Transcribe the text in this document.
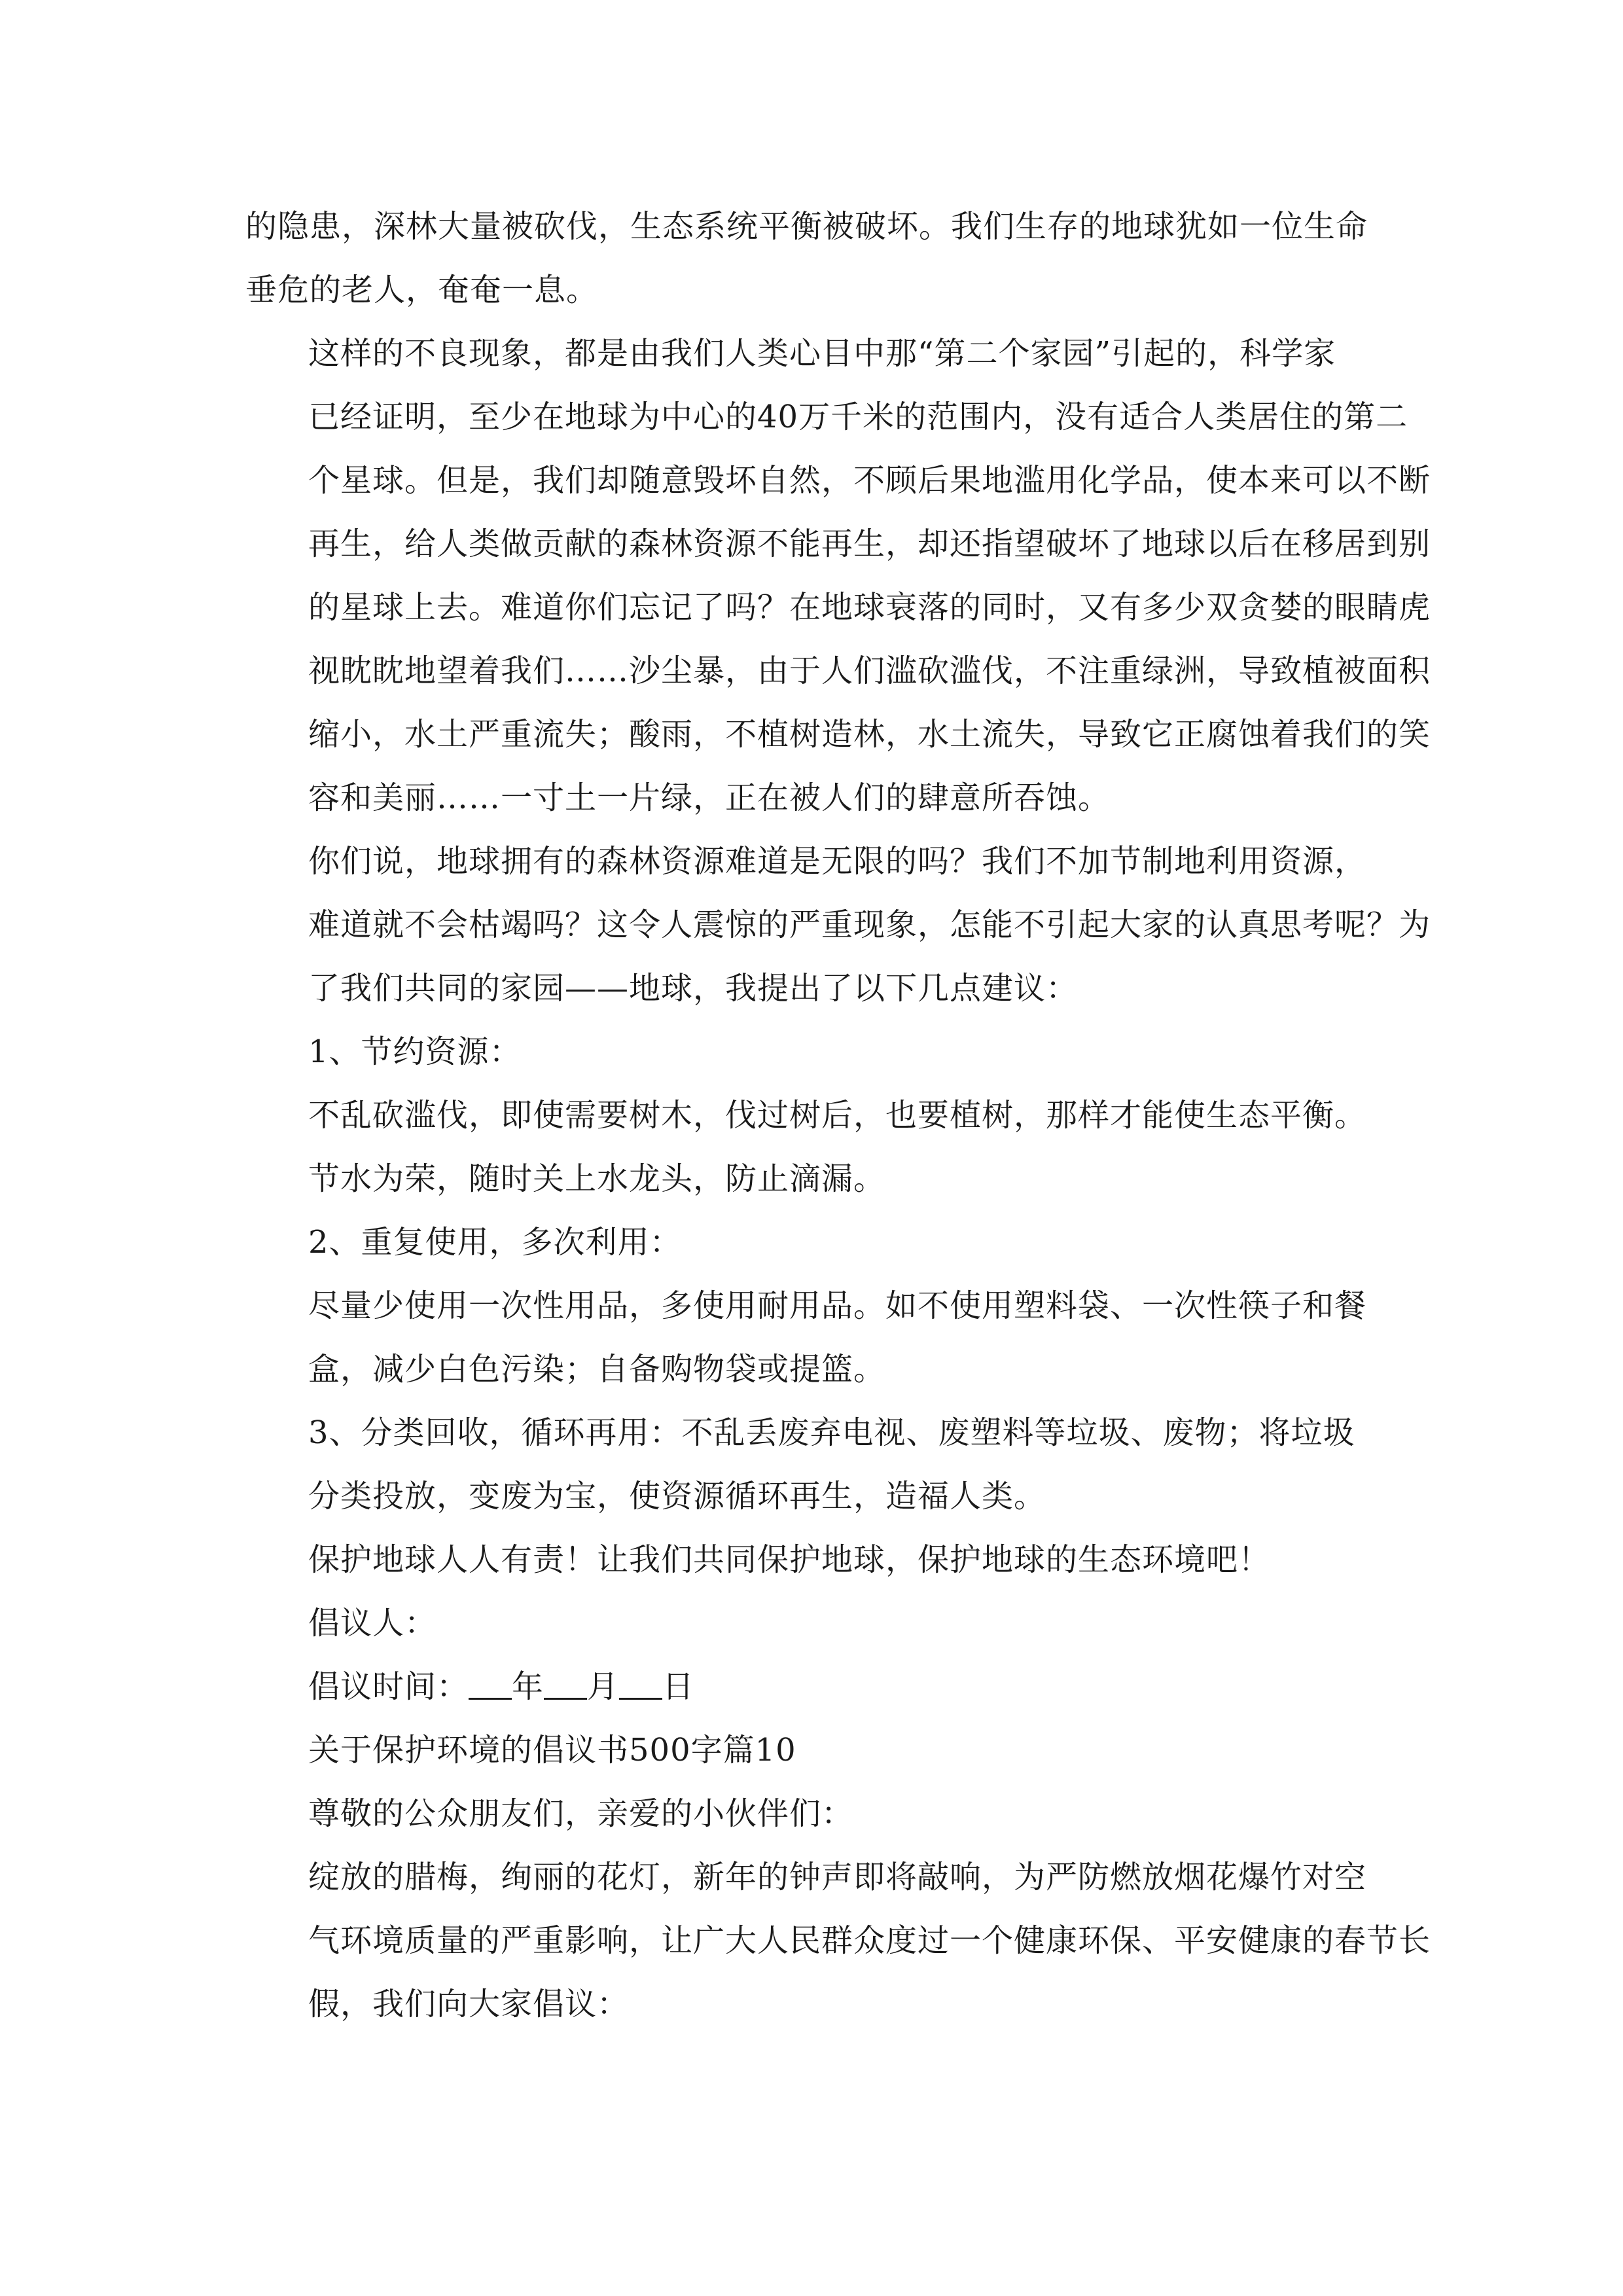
的隐患，深林大量被砍伐，生态系统平衡被破坏。我们生存的地球犹如一位生命
垂危的老人，奄奄一息。

这样的不良现象，都是由我们人类心目中那“第二个家园”引起的，科学家
已经证明，至少在地球为中心的40万千米的范围内，没有适合人类居住的第二
个星球。但是，我们却随意毁坏自然，不顾后果地滥用化学品，使本来可以不断
再生，给人类做贡献的森林资源不能再生，却还指望破坏了地球以后在移居到别
的星球上去。难道你们忘记了吗？在地球衰落的同时，又有多少双贪婪的眼睛虎
视眈眈地望着我们……沙尘暴，由于人们滥砍滥伐，不注重绿洲，导致植被面积
缩小，水土严重流失；酸雨，不植树造林，水土流失，导致它正腐蚀着我们的笑
容和美丽……一寸土一片绿，正在被人们的肆意所吞蚀。

你们说，地球拥有的森林资源难道是无限的吗？我们不加节制地利用资源，
难道就不会枯竭吗？这令人震惊的严重现象，怎能不引起大家的认真思考呢？为
了我们共同的家园——地球，我提出了以下几点建议：

1、节约资源：

不乱砍滥伐，即使需要树木，伐过树后，也要植树，那样才能使生态平衡。
节水为荣，随时关上水龙头，防止滴漏。

2、重复使用，多次利用：

尽量少使用一次性用品，多使用耐用品。如不使用塑料袋、一次性筷子和餐
盒，减少白色污染；自备购物袋或提篮。

3、分类回收，循环再用：不乱丢废弃电视、废塑料等垃圾、废物；将垃圾
分类投放，变废为宝，使资源循环再生，造福人类。

保护地球人人有责！让我们共同保护地球，保护地球的生态环境吧！

倡议人：

倡议时间： 年 月 日

关于保护环境的倡议书500字篇10

尊敬的公众朋友们，亲爱的小伙伴们：

绽放的腊梅，绚丽的花灯，新年的钟声即将敲响，为严防燃放烟花爆竹对空
气环境质量的严重影响，让广大人民群众度过一个健康环保、平安健康的春节长
假，我们向大家倡议：
